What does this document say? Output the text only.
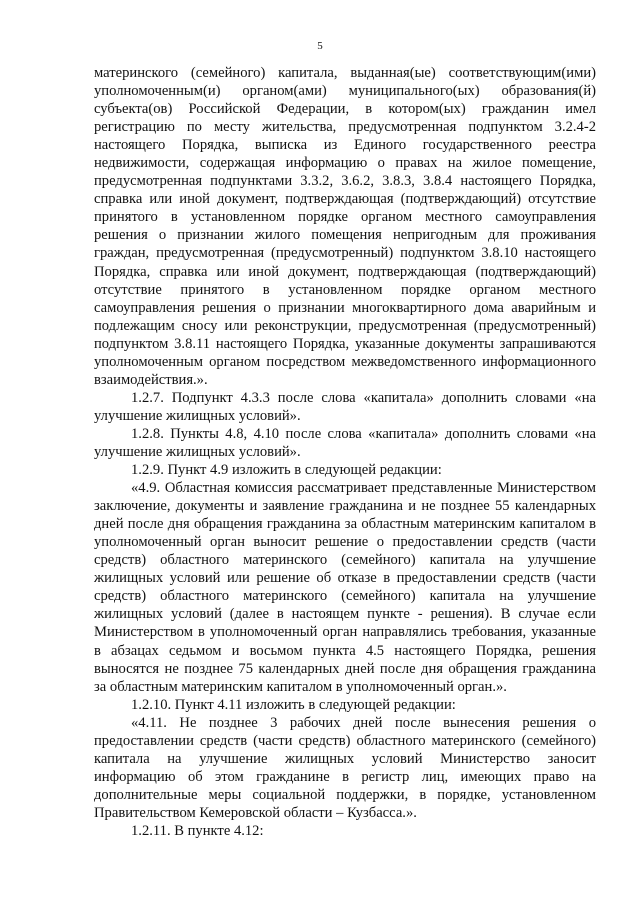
5

материнского (семейного) капитала, выданная(ые) соответствующим(ими) уполномоченным(и) органом(ами) муниципального(ых) образования(й) субъекта(ов) Российской Федерации, в котором(ых) гражданин имел регистрацию по месту жительства, предусмотренная подпунктом 3.2.4-2 настоящего Порядка, выписка из Единого государственного реестра недвижимости, содержащая информацию о правах на жилое помещение, предусмотренная подпунктами 3.3.2, 3.6.2, 3.8.3, 3.8.4 настоящего Порядка, справка или иной документ, подтверждающая (подтверждающий) отсутствие принятого в установленном порядке органом местного самоуправления решения о признании жилого помещения непригодным для проживания граждан, предусмотренная (предусмотренный) подпунктом 3.8.10 настоящего Порядка, справка или иной документ, подтверждающая (подтверждающий) отсутствие принятого в установленном порядке органом местного самоуправления решения о признании многоквартирного дома аварийным и подлежащим сносу или реконструкции, предусмотренная (предусмотренный) подпунктом 3.8.11 настоящего Порядка, указанные документы запрашиваются уполномоченным органом посредством межведомственного информационного взаимодействия.».

1.2.7. Подпункт 4.3.3 после слова «капитала» дополнить словами «на улучшение жилищных условий».

1.2.8. Пункты 4.8, 4.10 после слова «капитала» дополнить словами «на улучшение жилищных условий».

1.2.9. Пункт 4.9 изложить в следующей редакции:

«4.9. Областная комиссия рассматривает представленные Министерством заключение, документы и заявление гражданина и не позднее 55 календарных дней после дня обращения гражданина за областным материнским капиталом в уполномоченный орган выносит решение о предоставлении средств (части средств) областного материнского (семейного) капитала на улучшение жилищных условий или решение об отказе в предоставлении средств (части средств) областного материнского (семейного) капитала на улучшение жилищных условий (далее в настоящем пункте - решения). В случае если Министерством в уполномоченный орган направлялись требования, указанные в абзацах седьмом и восьмом пункта 4.5 настоящего Порядка, решения выносятся не позднее 75 календарных дней после дня обращения гражданина за областным материнским капиталом в уполномоченный орган.».

1.2.10. Пункт 4.11 изложить в следующей редакции:

«4.11. Не позднее 3 рабочих дней после вынесения решения о предоставлении средств (части средств) областного материнского (семейного) капитала на улучшение жилищных условий Министерство заносит информацию об этом гражданине в регистр лиц, имеющих право на дополнительные меры социальной поддержки, в порядке, установленном Правительством Кемеровской области – Кузбасса.».

1.2.11. В пункте 4.12:
